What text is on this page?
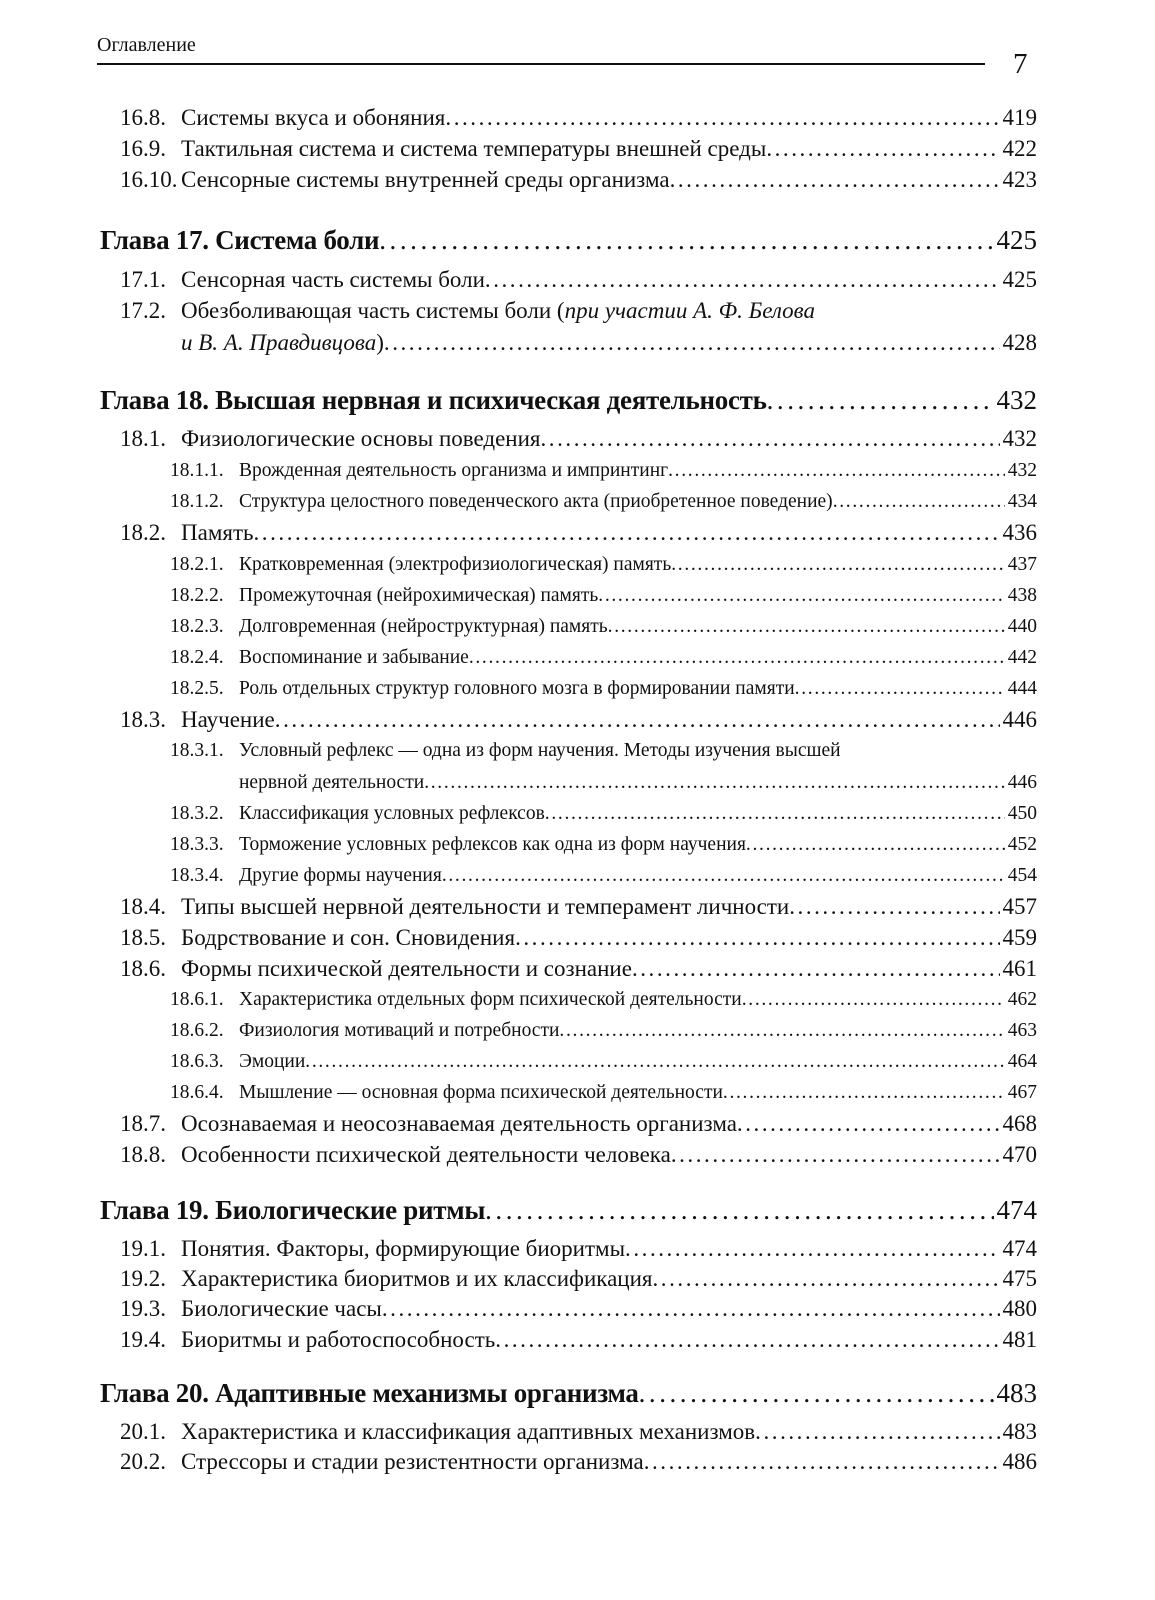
Оглавление
7
16.8. Системы вкуса и обоняния . . .	419
16.9. Тактильная система и система температуры внешней среды . . .	422
16.10. Сенсорные системы внутренней среды организма . . .	423
Глава 17. Система боли . . .	425
17.1. Сенсорная часть системы боли . . .	425
17.2. Обезболивающая часть системы боли (при участии А. Ф. Белова
и В. А. Правдивцова ) . . .	428
Глава 18. Высшая нервная и психическая деятельность . . .	432
18.1. Физиологические основы поведения . . .	432
18.1.1. Врожденная деятельность организма и импринтинг . . .	432
18.1.2. Структура целостного поведенческого акта (приобретенное поведение) . . .	434
18.2. Память . . .	436
18.2.1. Кратковременная (электрофизиологическая) память . . .	437
18.2.2. Промежуточная (нейрохимическая) память . . .	438
18.2.3. Долговременная (нейроструктурная) память . . .	440
18.2.4. Воспоминание и забывание . . .	442
18.2.5. Роль отдельных структур головного мозга в формировании памяти . . .	444
18.3. Научение . . .	446
18.3.1. Условный рефлекс — одна из форм научения. Методы изучения высшей
нервной деятельности . . .	446
18.3.2. Классификация условных рефлексов . . .	450
18.3.3. Торможение условных рефлексов как одна из форм научения . . .	452
18.3.4. Другие формы научения . . .	454
18.4. Типы высшей нервной деятельности и темперамент личности . . .	457
18.5. Бодрствование и сон. Сновидения . . .	459
18.6. Формы психической деятельности и сознание . . .	461
18.6.1. Характеристика отдельных форм психической деятельности . . .	462
18.6.2. Физиология мотиваций и потребности . . .	463
18.6.3. Эмоции . . .	464
18.6.4. Мышление — основная форма психической деятельности . . .	467
18.7. Осознаваемая и неосознаваемая деятельность организма . . .	468
18.8. Особенности психической деятельности человека . . .	470
Глава 19. Биологические ритмы . . .	474
19.1. Понятия. Факторы, формирующие биоритмы . . .	474
19.2. Характеристика биоритмов и их классификация . . .	475
19.3. Биологические часы . . .	480
19.4. Биоритмы и работоспособность . . .	481
Глава 20. Адаптивные механизмы организма . . .	483
20.1. Характеристика и классификация адаптивных механизмов . . .	483
20.2. Стрессоры и стадии резистентности организма . . .	486
